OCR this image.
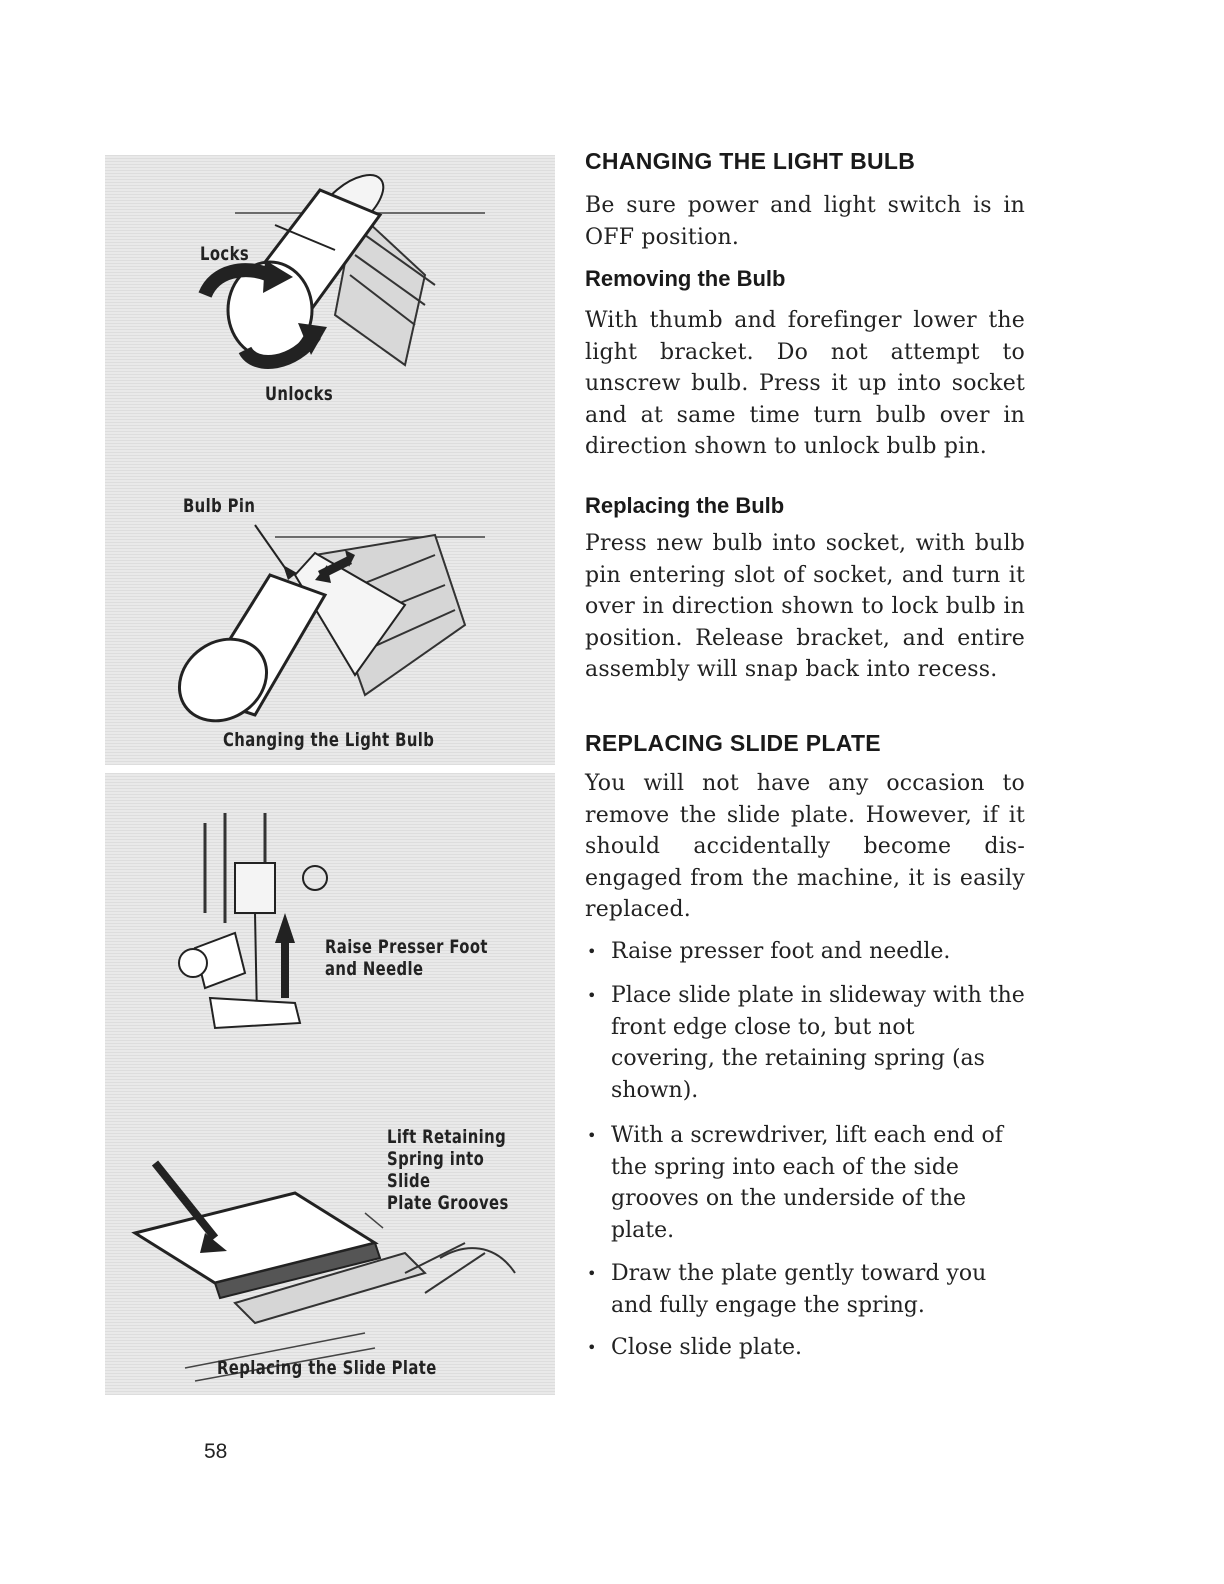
Locks
Unlocks
Bulb Pin
Changing the Light Bulb
Raise Presser Foot
and Needle
Lift Retaining
Spring into Slide
Plate Grooves
Replacing the Slide Plate
CHANGING THE LIGHT BULB

Be sure power and light switch is in OFF position.

Removing the Bulb

With thumb and forefinger lower the light bracket. Do not attempt to unscrew bulb. Press it up into socket and at same time turn bulb over in direction shown to unlock bulb pin.

Replacing the Bulb

Press new bulb into socket, with bulb pin entering slot of socket, and turn it over in direction shown to lock bulb in position. Release bracket, and entire assembly will snap back into recess.

REPLACING SLIDE PLATE

You will not have any occasion to remove the slide plate. However, if it should accidentally become dis-engaged from the machine, it is easily replaced.

• Raise presser foot and needle.
• Place slide plate in slideway with the front edge close to, but not covering, the retaining spring (as shown).
• With a screwdriver, lift each end of the spring into each of the side grooves on the underside of the plate.
• Draw the plate gently toward you and fully engage the spring.
• Close slide plate.
58
